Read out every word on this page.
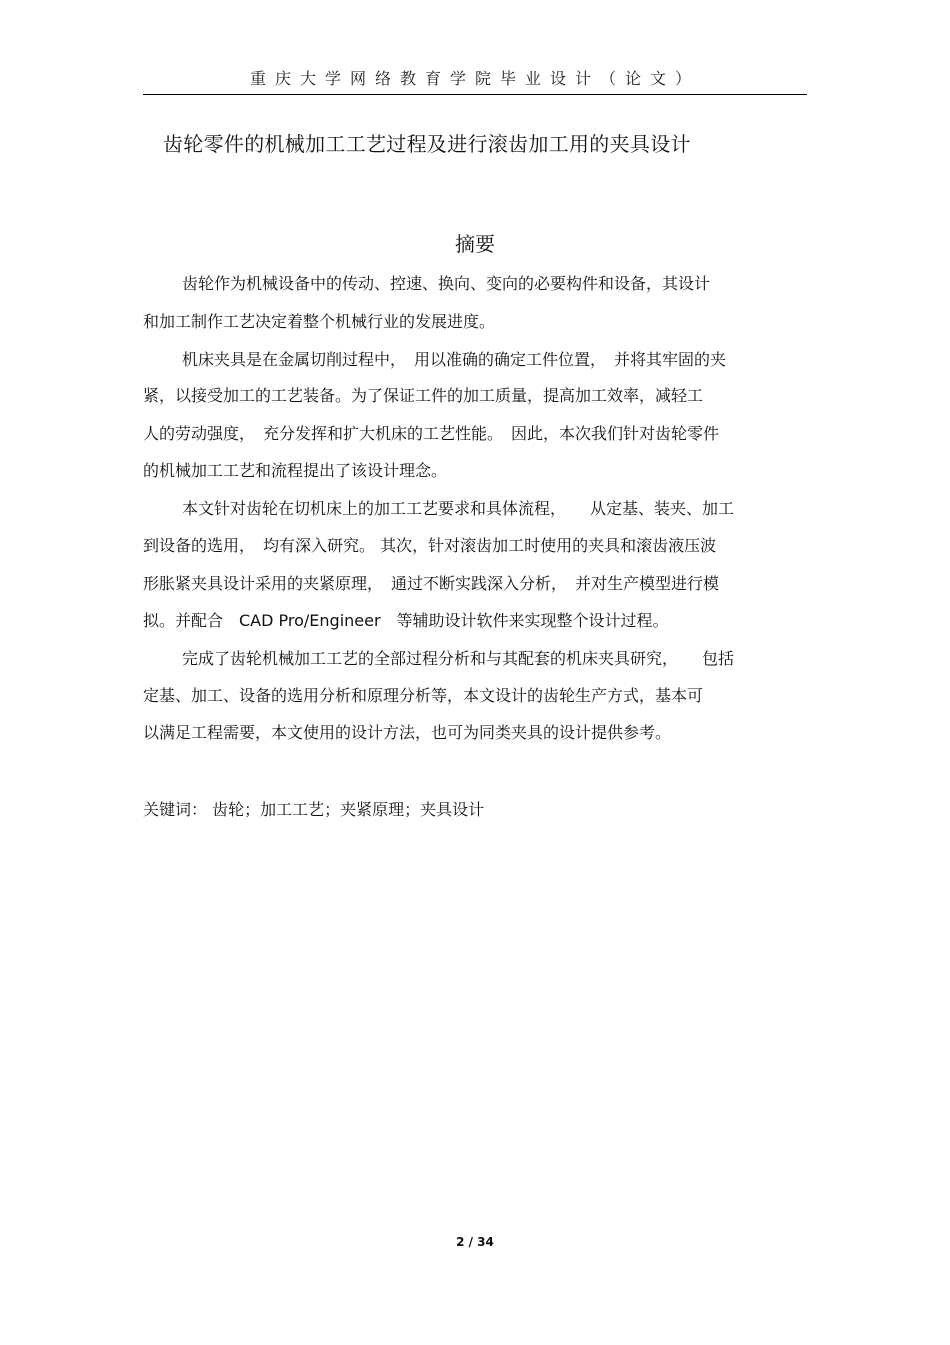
重庆大学网络教育学院毕业设计（论文）
齿轮零件的机械加工工艺过程及进行滚齿加工用的夹具设计
摘要
齿轮作为机械设备中的传动、控速、换向、变向的必要构件和设备，其设计
和加工制作工艺决定着整个机械行业的发展进度。
机床夹具是在金属切削过程中，　用以准确的确定工件位置，　并将其牢固的夹
紧，以接受加工的工艺装备。为了保证工件的加工质量，提高加工效率，减轻工
人的劳动强度，　充分发挥和扩大机床的工艺性能。　因此，本次我们针对齿轮零件
的机械加工工艺和流程提出了该设计理念。
本文针对齿轮在切机床上的加工工艺要求和具体流程，　　从定基、装夹、加工
到设备的选用，　均有深入研究。 其次，针对滚齿加工时使用的夹具和滚齿液压波
形胀紧夹具设计采用的夹紧原理，　通过不断实践深入分析，　并对生产模型进行模
拟。并配合　CAD Pro/Engineer　等辅助设计软件来实现整个设计过程。
完成了齿轮机械加工工艺的全部过程分析和与其配套的机床夹具研究，　　包括
定基、加工、设备的选用分析和原理分析等，本文设计的齿轮生产方式，基本可
以满足工程需要，本文使用的设计方法，也可为同类夹具的设计提供参考。
关键词： 齿轮；加工工艺；夹紧原理；夹具设计
2 / 34
